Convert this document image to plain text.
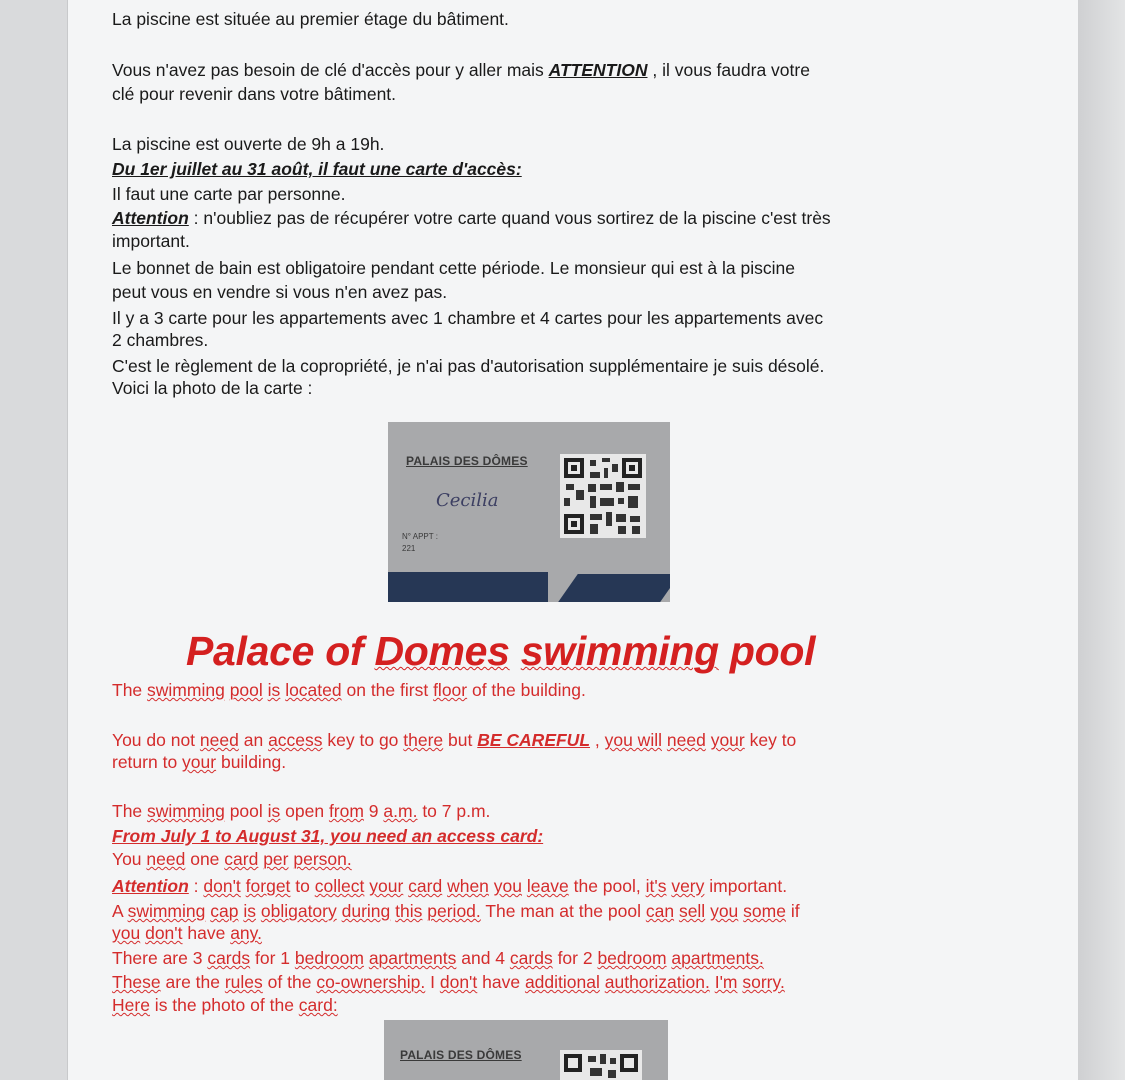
La piscine est située au premier étage du bâtiment.
Vous n'avez pas besoin de clé d'accès pour y aller mais ATTENTION , il vous faudra votre
clé pour revenir dans votre bâtiment.
La piscine est ouverte de 9h a 19h.
Du 1er juillet au 31 août, il faut une carte d'accès:
Il faut une carte par personne.
Attention : n'oubliez pas de récupérer votre carte quand vous sortirez de la piscine c'est très
important.
Le bonnet de bain est obligatoire pendant cette période. Le monsieur qui est à la piscine
peut vous en vendre si vous n'en avez pas.
Il y a 3 carte pour les appartements avec 1 chambre et 4 cartes pour les appartements avec
2 chambres.
C'est le règlement de la copropriété, je n'ai pas d'autorisation supplémentaire je suis désolé.
Voici la photo de la carte :
PALAIS DES DÔMES
Cecilia
N° APPT :
221
Palace of Domes swimming pool
The swimming pool is located on the first floor of the building.
You do not need an access key to go there but BE CAREFUL , you will need your key to
return to your building.
The swimming pool is open from 9 a.m. to 7 p.m.
From July 1 to August 31, you need an access card:
You need one card per person.
Attention : don't forget to collect your card when you leave the pool, it's very important.
A swimming cap is obligatory during this period. The man at the pool can sell you some if
you don't have any.
There are 3 cards for 1 bedroom apartments and 4 cards for 2 bedroom apartments.
These are the rules of the co-ownership. I don't have additional authorization. I'm sorry.
Here is the photo of the card:
PALAIS DES DÔMES
